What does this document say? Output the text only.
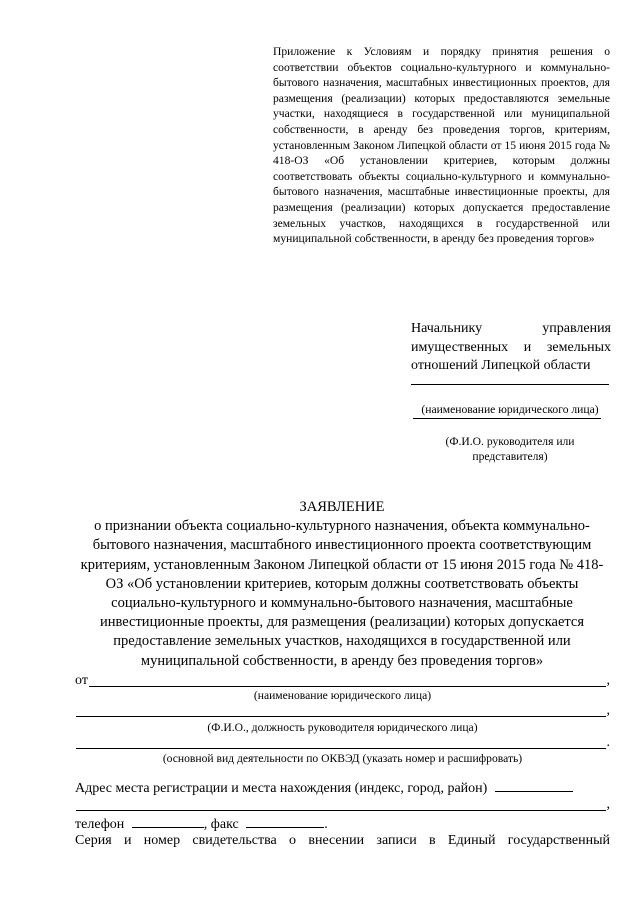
Приложение к Условиям и порядку принятия решения о соответствии объектов социально-культурного и коммунально-бытового назначения, масштабных инвестиционных проектов, для размещения (реализации) которых предоставляются земельные участки, находящиеся в государственной или муниципальной собственности, в аренду без проведения торгов, критериям, установленным Законом Липецкой области от 15 июня 2015 года № 418-ОЗ «Об установлении критериев, которым должны соответствовать объекты социально-культурного и коммунально-бытового назначения, масштабные инвестиционные проекты, для размещения (реализации) которых допускается предоставление земельных участков, находящихся в государственной или муниципальной собственности, в аренду без проведения торгов»
Начальнику управления имущественных и земельных отношений Липецкой области
(наименование юридического лица)
(Ф.И.О. руководителя или представителя)
ЗАЯВЛЕНИЕ
о признании объекта социально-культурного назначения, объекта коммунально-бытового назначения, масштабного инвестиционного проекта соответствующим критериям, установленным Законом Липецкой области от 15 июня 2015 года № 418-ОЗ «Об установлении критериев, которым должны соответствовать объекты социально-культурного и коммунально-бытового назначения, масштабные инвестиционные проекты, для размещения (реализации) которых допускается предоставление земельных участков, находящихся в государственной или муниципальной собственности, в аренду без проведения торгов»
от	,
(наименование юридического лица)
,
(Ф.И.О., должность руководителя юридического лица)
.
(основной вид деятельности по ОКВЭД (указать номер и расшифровать)
Адрес места регистрации и места нахождения (индекс, город, район)
,
телефон	, факс	.
Серия и номер свидетельства о внесении записи в Единый государственный
